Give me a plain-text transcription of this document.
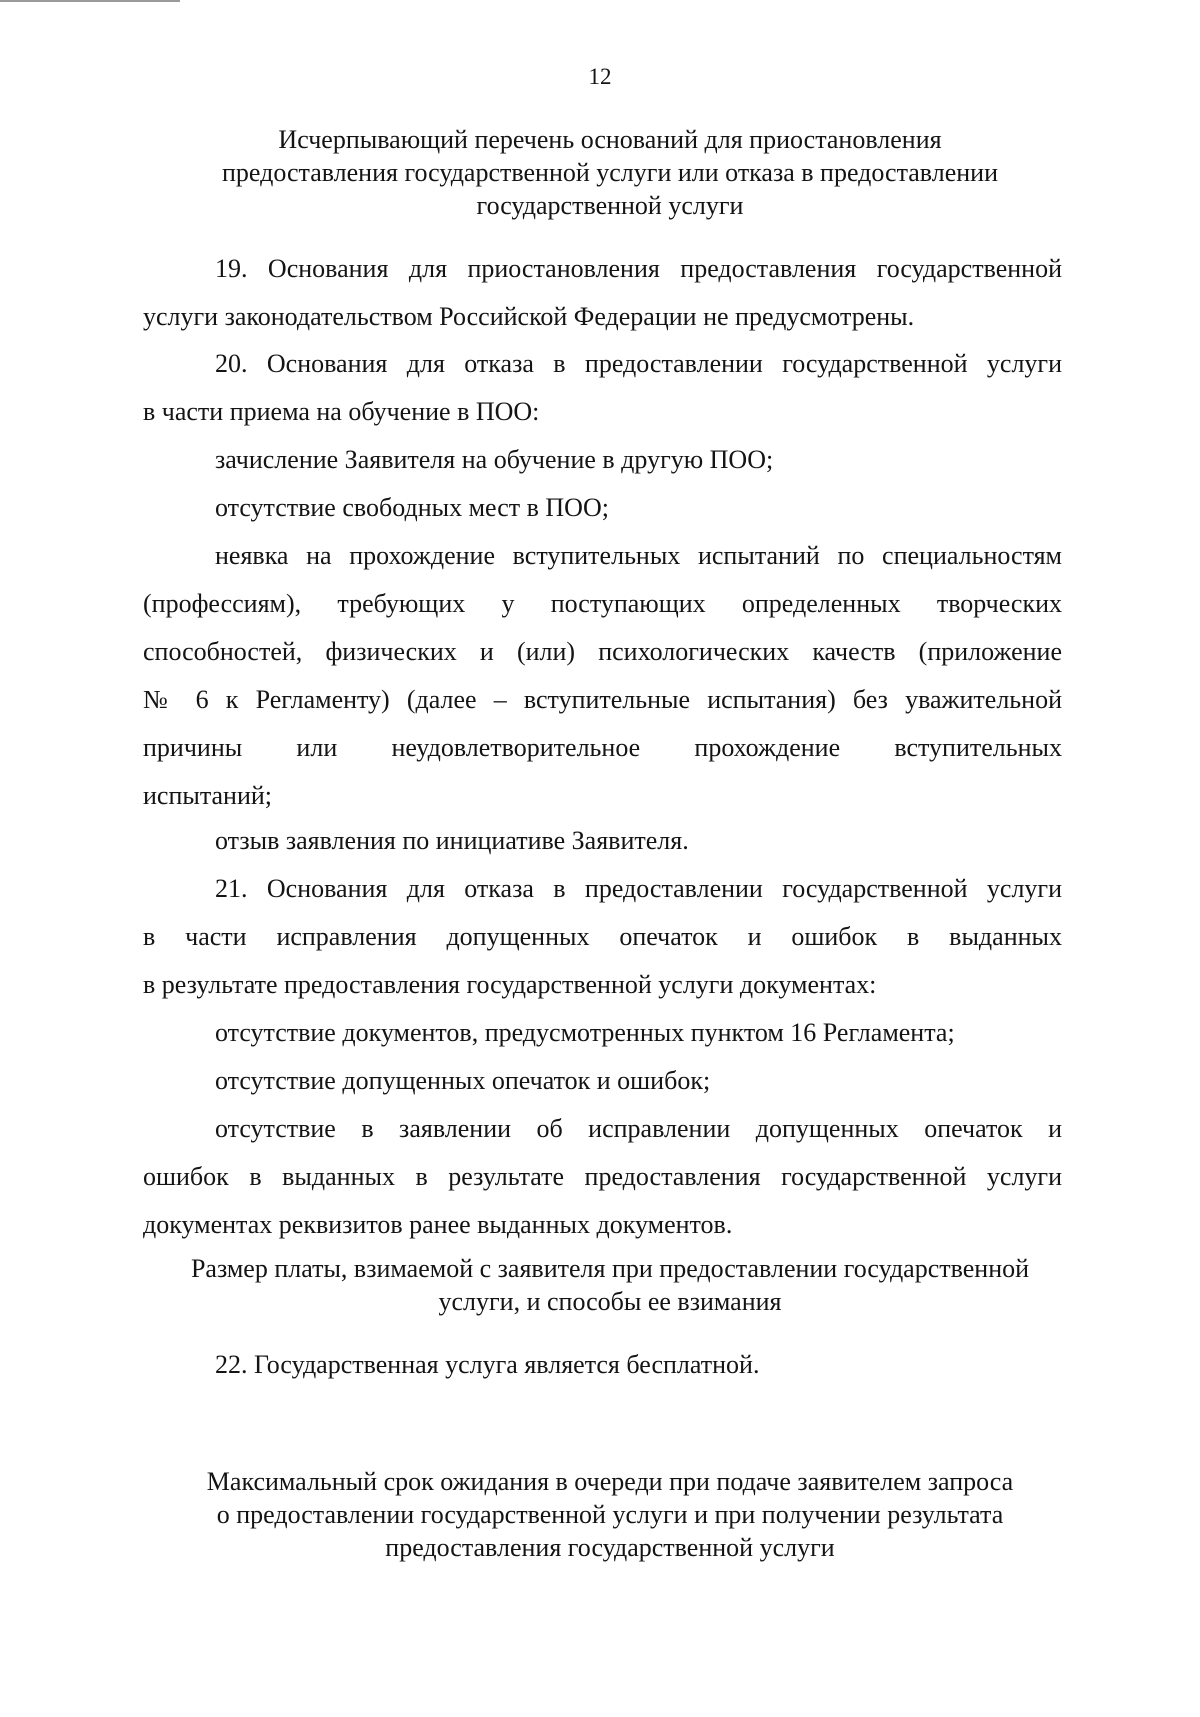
12
Исчерпывающий перечень оснований для приостановления
предоставления государственной услуги или отказа в предоставлении
государственной услуги
19. Основания для приостановления предоставления государственной
услуги законодательством Российской Федерации не предусмотрены.
20. Основания для отказа в предоставлении государственной услуги
в части приема на обучение в ПОО:
зачисление Заявителя на обучение в другую ПОО;
отсутствие свободных мест в ПОО;
неявка на прохождение вступительных испытаний по специальностям
(профессиям), требующих у поступающих определенных творческих
способностей, физических и (или) психологических качеств (приложение
№ 6 к Регламенту) (далее – вступительные испытания) без уважительной
причины или неудовлетворительное прохождение вступительных
испытаний;
отзыв заявления по инициативе Заявителя.
21. Основания для отказа в предоставлении государственной услуги
в части исправления допущенных опечаток и ошибок в выданных
в результате предоставления государственной услуги документах:
отсутствие документов, предусмотренных пунктом 16 Регламента;
отсутствие допущенных опечаток и ошибок;
отсутствие в заявлении об исправлении допущенных опечаток и
ошибок в выданных в результате предоставления государственной услуги
документах реквизитов ранее выданных документов.
Размер платы, взимаемой с заявителя при предоставлении государственной
услуги, и способы ее взимания
22. Государственная услуга является бесплатной.
Максимальный срок ожидания в очереди при подаче заявителем запроса
о предоставлении государственной услуги и при получении результата
предоставления государственной услуги
